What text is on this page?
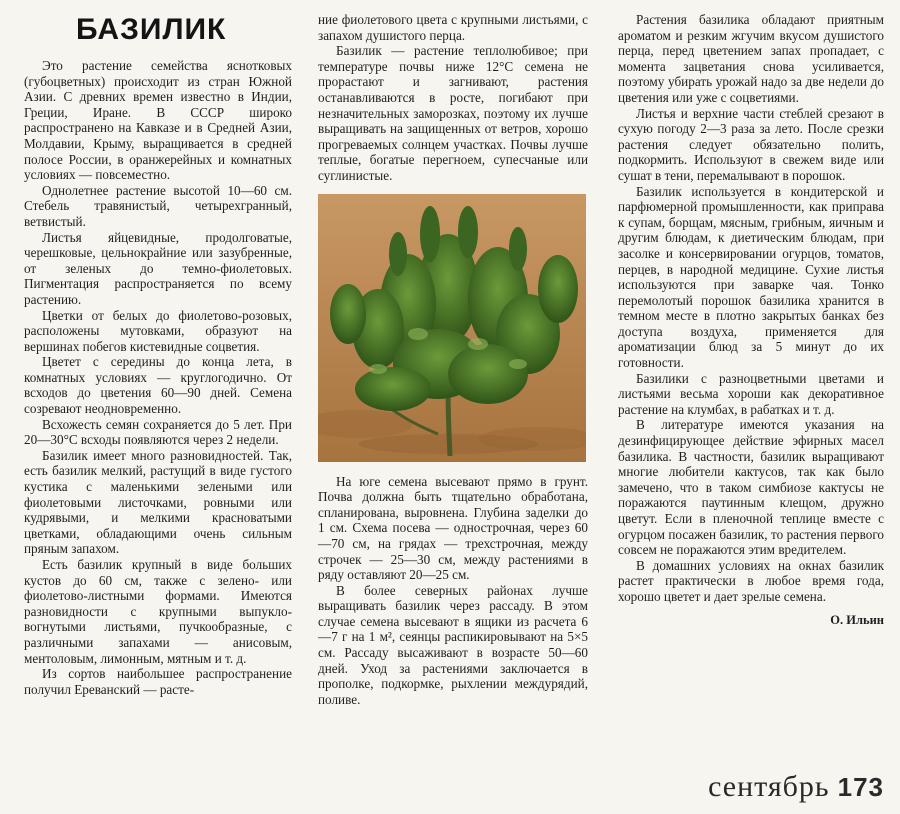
БАЗИЛИК

Это растение семейства яснотковых (губоцветных) происходит из стран Южной Азии. С древних времен известно в Индии, Греции, Иране. В СССР широко распространено на Кавказе и в Средней Азии, Молдавии, Крыму, выращивается в средней полосе России, в оранжерейных и комнатных условиях — повсеместно.

Однолетнее растение высотой 10—60 см. Стебель травянистый, четырехгранный, ветвистый.

Листья яйцевидные, продолговатые, черешковые, цельнокрайние или зазубренные, от зеленых до темно-фиолетовых. Пигментация распространяется по всему растению.

Цветки от белых до фиолетово-розовых, расположены мутовками, образуют на вершинах побегов кистевидные соцветия.

Цветет с середины до конца лета, в комнатных условиях — круглогодично. От всходов до цветения 60—90 дней. Семена созревают неодновременно.

Всхожесть семян сохраняется до 5 лет. При 20—30°С всходы появляются через 2 недели.

Базилик имеет много разновидностей. Так, есть базилик мелкий, растущий в виде густого кустика с маленькими зелеными или фиолетовыми листочками, ровными или кудрявыми, и мелкими красноватыми цветками, обладающими очень сильным пряным запахом.

Есть базилик крупный в виде больших кустов до 60 см, также с зелено- или фиолетово-листными формами. Имеются разновидности с крупными выпукло-вогнутыми листьями, пучкообразные, с различными запахами — анисовым, ментоловым, лимонным, мятным и т. д.

Из сортов наибольшее распространение получил Ереванский — расте-

ние фиолетового цвета с крупными листьями, с запахом душистого перца.

Базилик — растение теплолюбивое; при температуре почвы ниже 12°С семена не прорастают и загнивают, растения останавливаются в росте, погибают при незначительных заморозках, поэтому их лучше выращивать на защищенных от ветров, хорошо прогреваемых солнцем участках. Почвы лучше теплые, богатые перегноем, супесчаные или суглинистые.

На юге семена высевают прямо в грунт. Почва должна быть тщательно обработана, спланирована, выровнена. Глубина заделки до 1 см. Схема посева — однострочная, через 60—70 см, на грядах — трехстрочная, между строчек — 25—30 см, между растениями в ряду оставляют 20—25 см.

В более северных районах лучше выращивать базилик через рассаду. В этом случае семена высевают в ящики из расчета 6—7 г на 1 м², сеянцы распикировывают на 5×5 см. Рассаду высаживают в возрасте 50—60 дней. Уход за растениями заключается в прополке, подкормке, рыхлении междурядий, поливе.

Растения базилика обладают приятным ароматом и резким жгучим вкусом душистого перца, перед цветением запах пропадает, с момента зацветания снова усиливается, поэтому убирать урожай надо за две недели до цветения или уже с соцветиями.

Листья и верхние части стеблей срезают в сухую погоду 2—3 раза за лето. После срезки растения следует обязательно полить, подкормить. Используют в свежем виде или сушат в тени, перемалывают в порошок.

Базилик используется в кондитерской и парфюмерной промышленности, как приправа к супам, борщам, мясным, грибным, яичным и другим блюдам, к диетическим блюдам, при засолке и консервировании огурцов, томатов, перцев, в народной медицине. Сухие листья используются при заварке чая. Тонко перемолотый порошок базилика хранится в темном месте в плотно закрытых банках без доступа воздуха, применяется для ароматизации блюд за 5 минут до их готовности.

Базилики с разноцветными цветами и листьями весьма хороши как декоративное растение на клумбах, в рабатках и т. д.

В литературе имеются указания на дезинфицирующее действие эфирных масел базилика. В частности, базилик выращивают многие любители кактусов, так как было замечено, что в таком симбиозе кактусы не поражаются паутинным клещом, дружно цветут. Если в пленочной теплице вместе с огурцом посажен базилик, то растения первого совсем не поражаются этим вредителем.

В домашних условиях на окнах базилик растет практически в любое время года, хорошо цветет и дает зрелые семена.

О. Ильин
сентябрь 173
